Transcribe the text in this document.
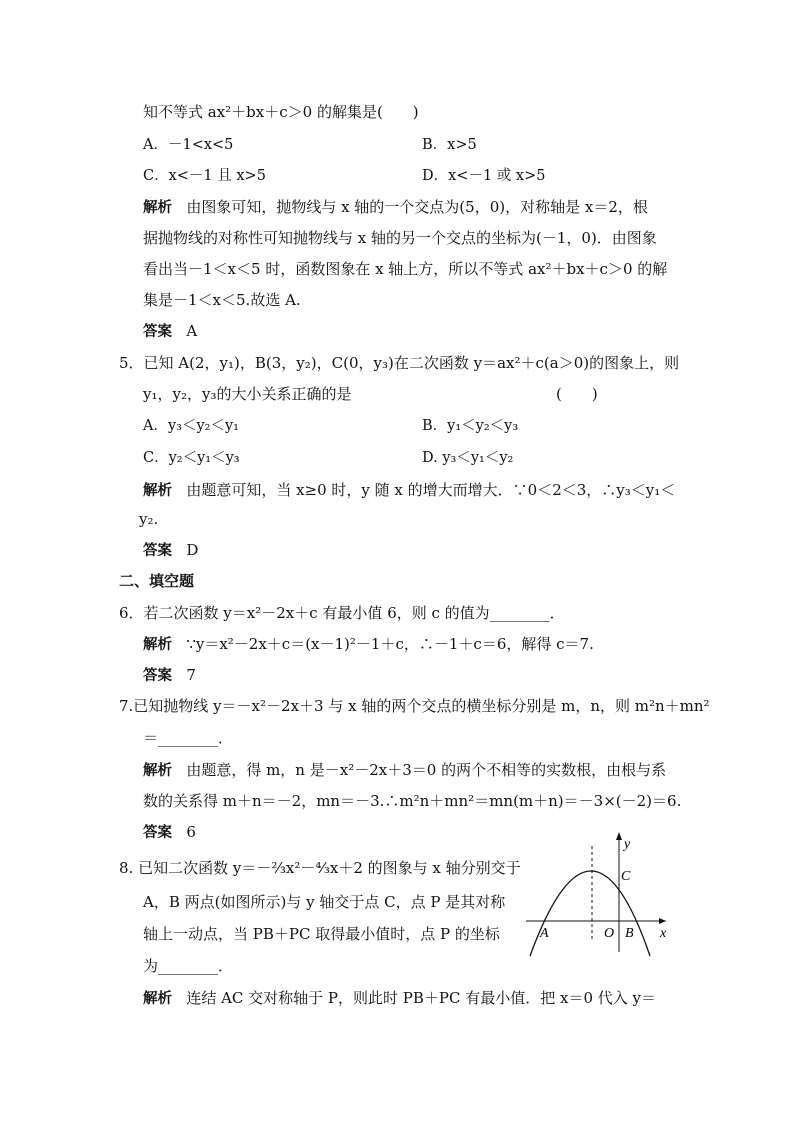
知不等式 ax²＋bx＋c＞0 的解集是(　　)
A．－1<x<5	B．x>5
C．x<－1 且 x>5	D．x<－1 或 x>5
解析 由图象可知，抛物线与 x 轴的一个交点为(5，0)，对称轴是 x＝2，根
据抛物线的对称性可知抛物线与 x 轴的另一个交点的坐标为(－1，0)．由图象
看出当－1＜x＜5 时，函数图象在 x 轴上方，所以不等式 ax²＋bx＋c＞0 的解
集是－1＜x＜5.故选 A.
答案 A
5．已知 A(2，y₁)，B(3，y₂)，C(0，y₃)在二次函数 y＝ax²＋c(a＞0)的图象上，则
y₁，y₂，y₃的大小关系正确的是	(　　)
A．y₃＜y₂＜y₁	B．y₁＜y₂＜y₃
C．y₂＜y₁＜y₃	D. y₃＜y₁＜y₂
解析 由题意可知，当 x≥0 时，y 随 x 的增大而增大．∵0＜2＜3，∴y₃＜y₁＜
y₂.
答案 D
二、填空题
6．若二次函数 y＝x²－2x＋c 有最小值 6，则 c 的值为________．
解析 ∵y＝x²－2x＋c＝(x－1)²－1＋c，∴－1＋c＝6，解得 c＝7.
答案 7
7.已知抛物线 y＝－x²－2x＋3 与 x 轴的两个交点的横坐标分别是 m，n，则 m²n＋mn²
＝________．
解析 由题意，得 m，n 是－x²－2x＋3＝0 的两个不相等的实数根，由根与系
数的关系得 m＋n＝－2，mn＝－3.∴m²n＋mn²＝mn(m＋n)＝－3×(－2)＝6.
答案 6
8. 已知二次函数 y＝－⅔x²－⁴⁄₃x＋2 的图象与 x 轴分别交于
A，B 两点(如图所示)与 y 轴交于点 C，点 P 是其对称
轴上一动点，当 PB＋PC 取得最小值时，点 P 的坐标
为________．
解析 连结 AC 交对称轴于 P，则此时 PB＋PC 有最小值．把 x＝0 代入 y＝
y
C
A	O B x
